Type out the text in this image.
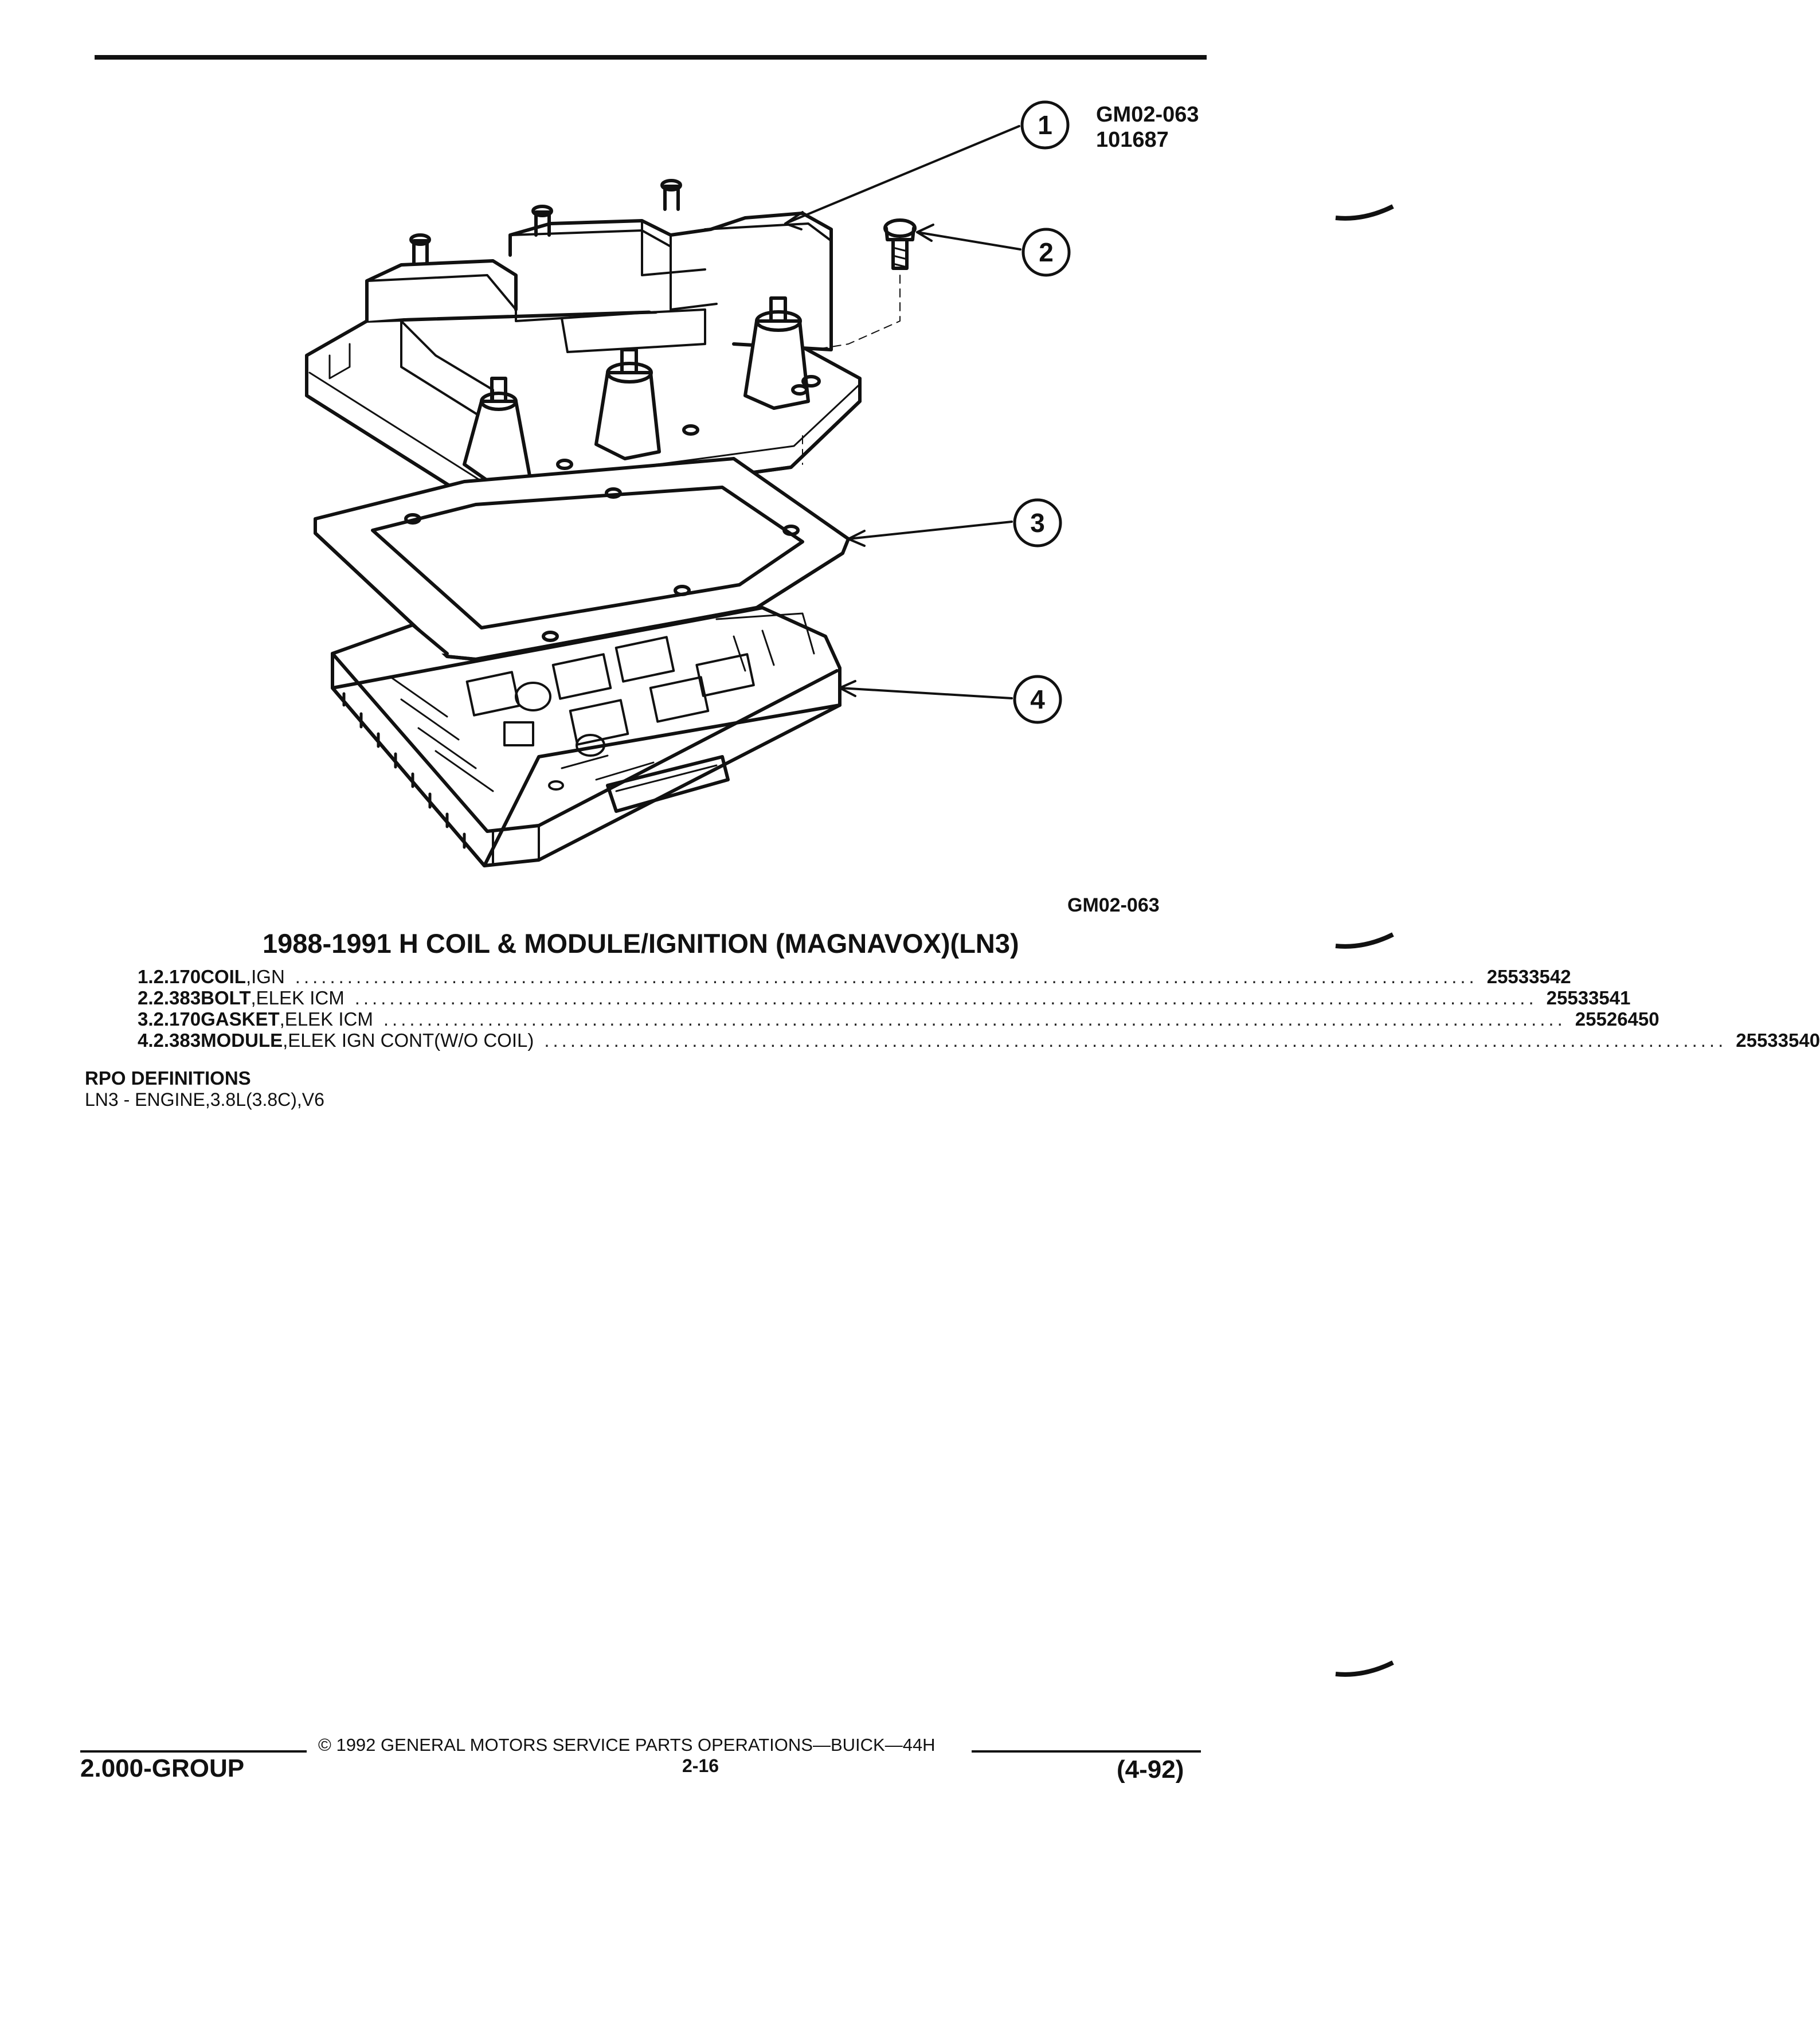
GM02-063
101687
1
2
3
4
GM02-063
1988-1991 H COIL & MODULE/IGNITION (MAGNAVOX)(LN3)
1. 2.170 COIL ,IGN ........................................................................................................................................ 25533542
2. 2.383 BOLT ,ELEK ICM ........................................................................................................................................ 25533541
3. 2.170 GASKET ,ELEK ICM ........................................................................................................................................ 25526450
4. 2.383 MODULE ,ELEK IGN CONT(W/O COIL) ........................................................................................................................................ 25533540
RPO DEFINITIONS
LN3 - ENGINE,3.8L(3.8C),V6
© 1992 GENERAL MOTORS SERVICE PARTS OPERATIONS—BUICK—44H
2.000-GROUP	2-16	(4-92)
